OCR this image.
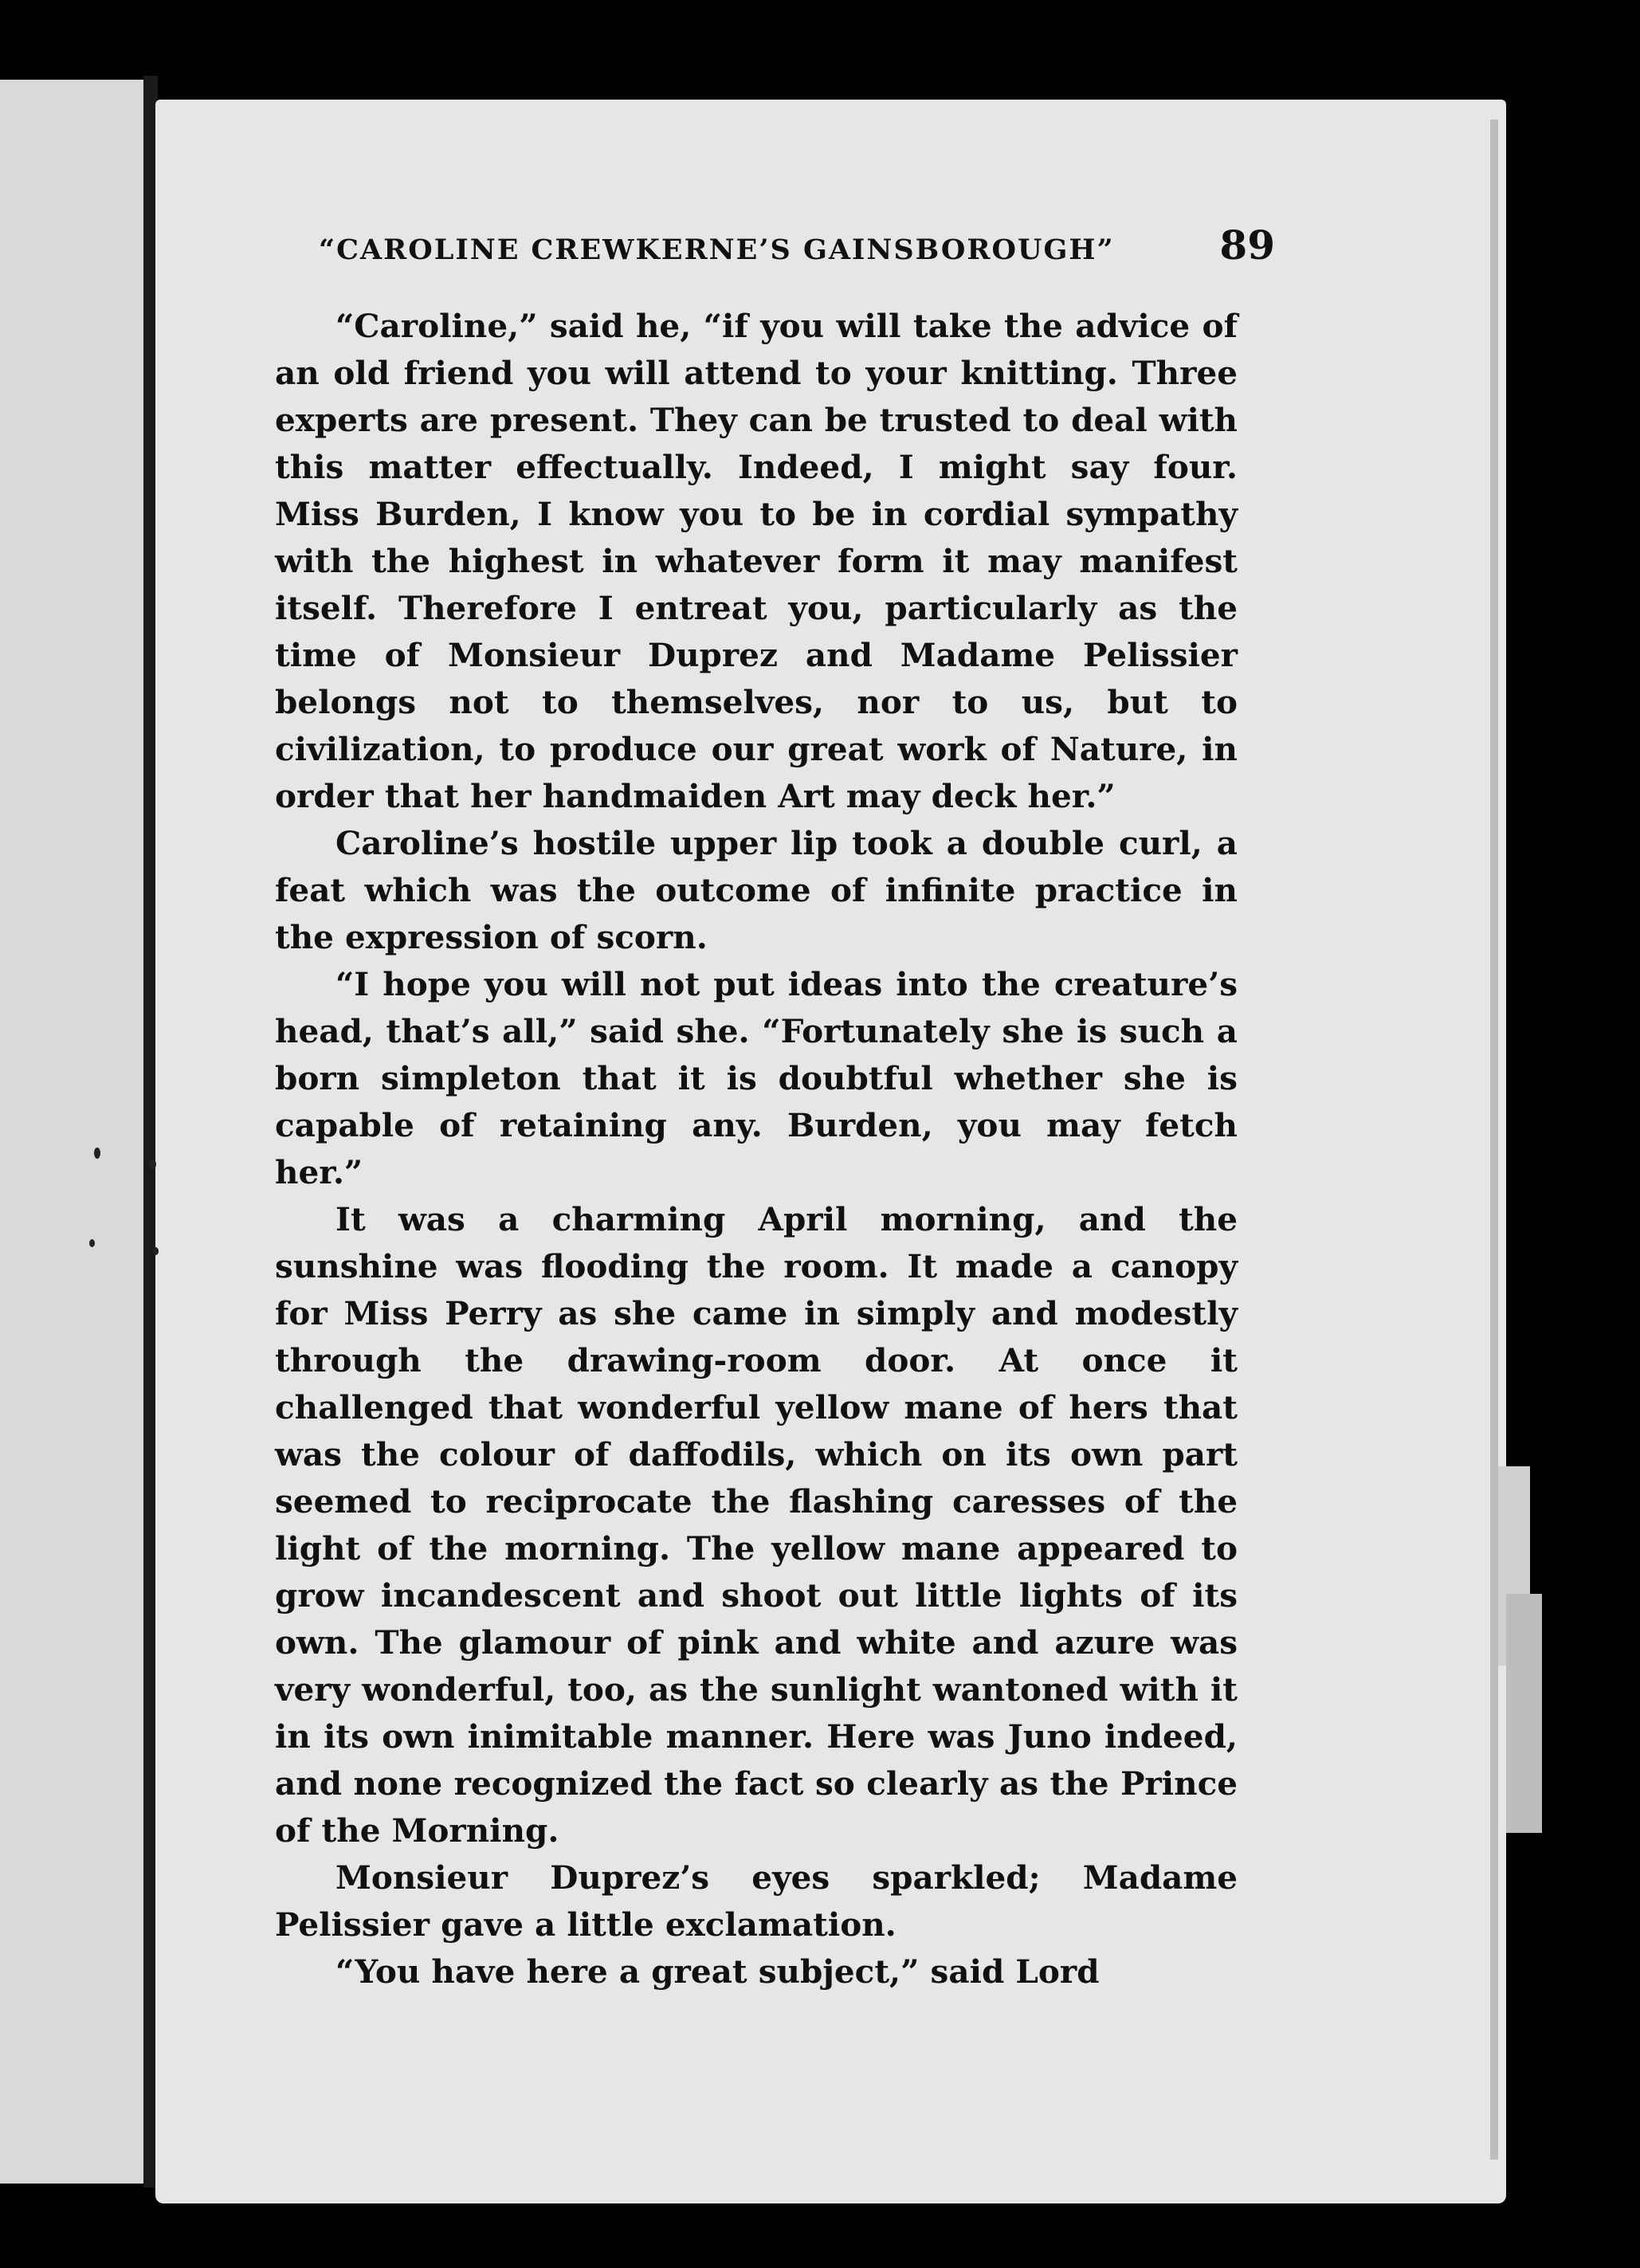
“CAROLINE CREWKERNE’S GAINSBOROUGH”	89

“Caroline,” said he, “if you will take the advice of an old friend you will attend to your knitting. Three experts are present. They can be trusted to deal with this matter effectually. Indeed, I might say four. Miss Burden, I know you to be in cordial sympathy with the highest in whatever form it may manifest itself. Therefore I entreat you, particularly as the time of Monsieur Duprez and Madame Pelissier belongs not to themselves, nor to us, but to civilization, to produce our great work of Nature, in order that her handmaiden Art may deck her.”

Caroline’s hostile upper lip took a double curl, a feat which was the outcome of infinite practice in the expression of scorn.

“I hope you will not put ideas into the creature’s head, that’s all,” said she. “Fortunately she is such a born simpleton that it is doubtful whether she is capable of retaining any. Burden, you may fetch her.”

It was a charming April morning, and the sunshine was flooding the room. It made a canopy for Miss Perry as she came in simply and modestly through the drawing-room door. At once it challenged that wonderful yellow mane of hers that was the colour of daffodils, which on its own part seemed to reciprocate the flashing caresses of the light of the morning. The yellow mane appeared to grow incandescent and shoot out little lights of its own. The glamour of pink and white and azure was very wonderful, too, as the sunlight wantoned with it in its own inimitable manner. Here was Juno indeed, and none recognized the fact so clearly as the Prince of the Morning.

Monsieur Duprez’s eyes sparkled; Madame Pelissier gave a little exclamation.

“You have here a great subject,” said Lord
